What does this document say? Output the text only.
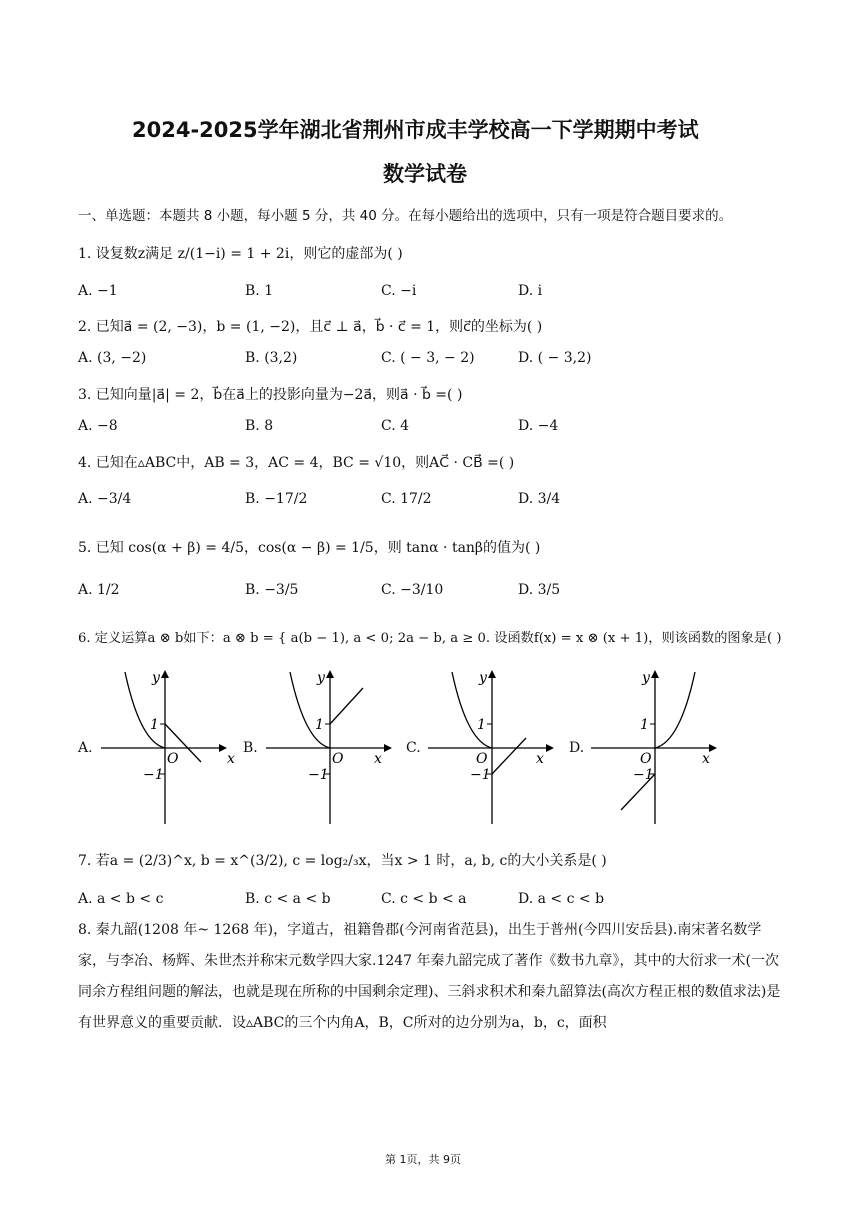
2024-2025学年湖北省荆州市成丰学校高一下学期期中考试
数学试卷
一、单选题：本题共 8 小题，每小题 5 分，共 40 分。在每小题给出的选项中，只有一项是符合题目要求的。
1. 设复数z满足 z/(1−i) = 1 + 2i，则它的虚部为( )
A. −1	B. 1	C. −i	D. i
2. 已知a⃗ = (2, −3)，b = (1, −2)，且c⃗ ⊥ a⃗，b⃗ · c⃗ = 1，则c⃗的坐标为( )
A. (3, −2)	B. (3,2)	C. ( − 3, − 2)	D. ( − 3,2)
3. 已知向量|a⃗| = 2，b⃗在a⃗上的投影向量为−2a⃗，则a⃗ · b⃗ =( )
A. −8	B. 8	C. 4	D. −4
4. 已知在▵ABC中，AB = 3，AC = 4，BC = √10，则AC⃗ · CB⃗ =( )
A. −3/4	B. −17/2	C. 17/2	D. 3/4
5. 已知 cos(α + β) = 4/5，cos(α − β) = 1/5，则 tanα · tanβ的值为( )
A. 1/2	B. −3/5	C. −3/10	D. 3/5
6. 定义运算a ⊗ b如下：a ⊗ b = { a(b − 1), a < 0; 2a − b, a ≥ 0. 设函数f(x) = x ⊗ (x + 1)，则该函数的图象是( )
A.	B.	C.	D.
y
x
O
1
−1
y
x
O
1
−1
y
x
O
1
−1
y
x
O
1
−1
7. 若a = (2/3)^x, b = x^(3/2), c = log₂/₃x，当x > 1 时，a, b, c的大小关系是( )
A. a < b < c	B. c < a < b	C. c < b < a	D. a < c < b
8. 秦九韶(1208 年~ 1268 年)，字道古，祖籍鲁郡(今河南省范县)，出生于普州(今四川安岳县).南宋著名数学家，与李冶、杨辉、朱世杰并称宋元数学四大家.1247 年秦九韶完成了著作《数书九章》，其中的大衍求一术(一次同余方程组问题的解法，也就是现在所称的中国剩余定理)、三斜求积术和秦九韶算法(高次方程正根的数值求法)是有世界意义的重要贡献．设▵ABC的三个内角A，B，C所对的边分别为a，b，c，面积
第 1页，共 9页
